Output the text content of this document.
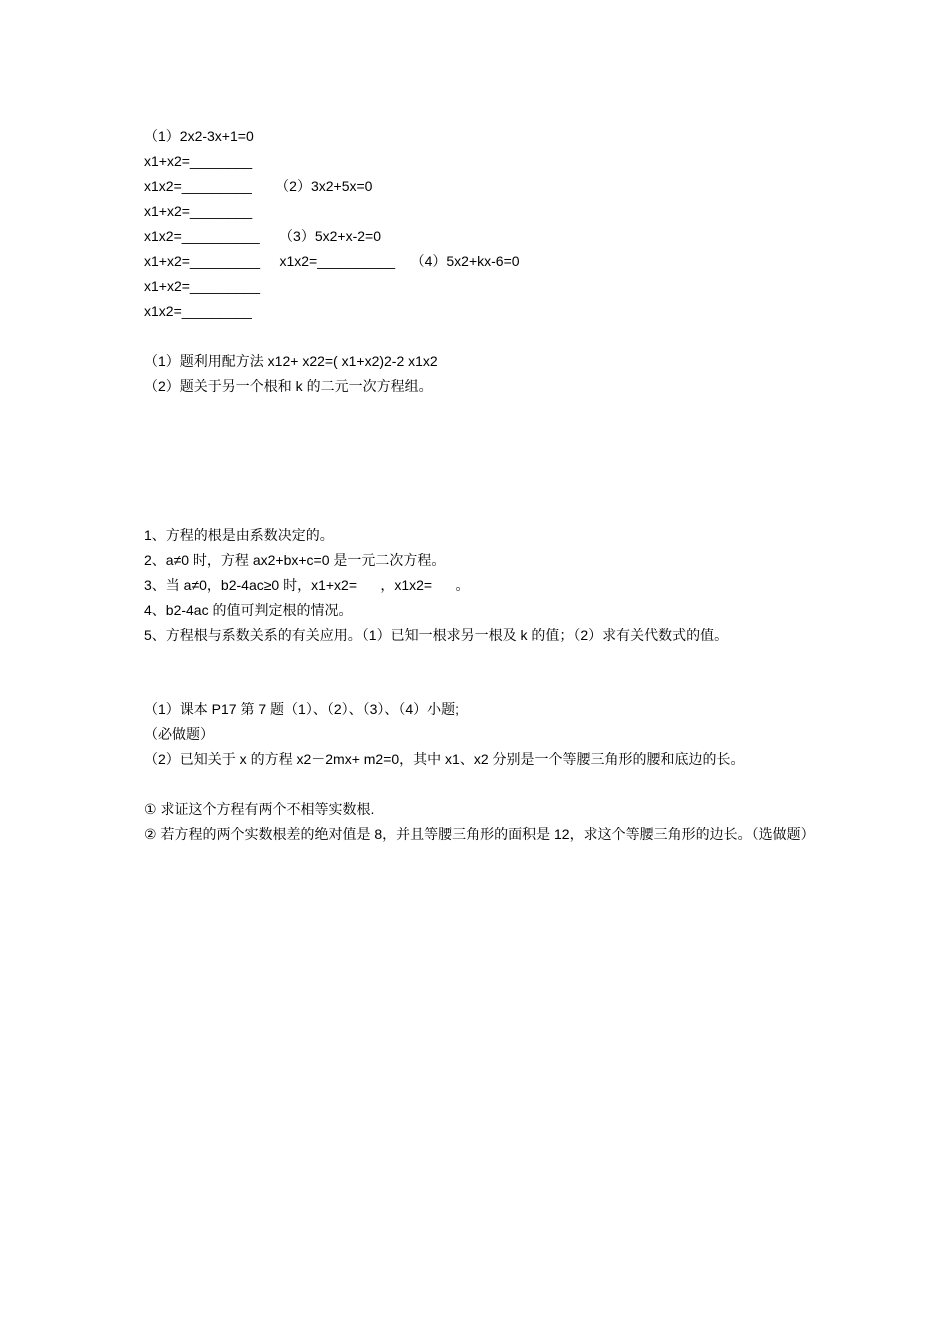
（1）2x2-3x+1=0
x1+x2=________
x1x2=_________      （2）3x2+5x=0
x1+x2=________
x1x2=__________     （3）5x2+x-2=0
x1+x2=_________     x1x2=__________    （4）5x2+kx-6=0
x1+x2=_________
x1x2=_________
（1）题利用配方法 x12+ x22=( x1+x2)2-2 x1x2
（2）题关于另一个根和 k 的二元一次方程组。
1、方程的根是由系数决定的。
2、a≠0 时，方程 ax2+bx+c=0 是一元二次方程。
3、当 a≠0，b2-4ac≥0 时，x1+x2=      ，x1x2=      。
4、b2-4ac 的值可判定根的情况。
5、方程根与系数关系的有关应用。（1）已知一根求另一根及 k 的值；（2）求有关代数式的值。
（1）课本 P17 第 7 题（1）、（2）、（3）、（4）小题;
（必做题）
（2）已知关于 x 的方程 x2－2mx+ m2=0，其中 x1、x2 分别是一个等腰三角形的腰和底边的长。
① 求证这个方程有两个不相等实数根.
② 若方程的两个实数根差的绝对值是 8，并且等腰三角形的面积是 12，求这个等腰三角形的边长。（选做题）
